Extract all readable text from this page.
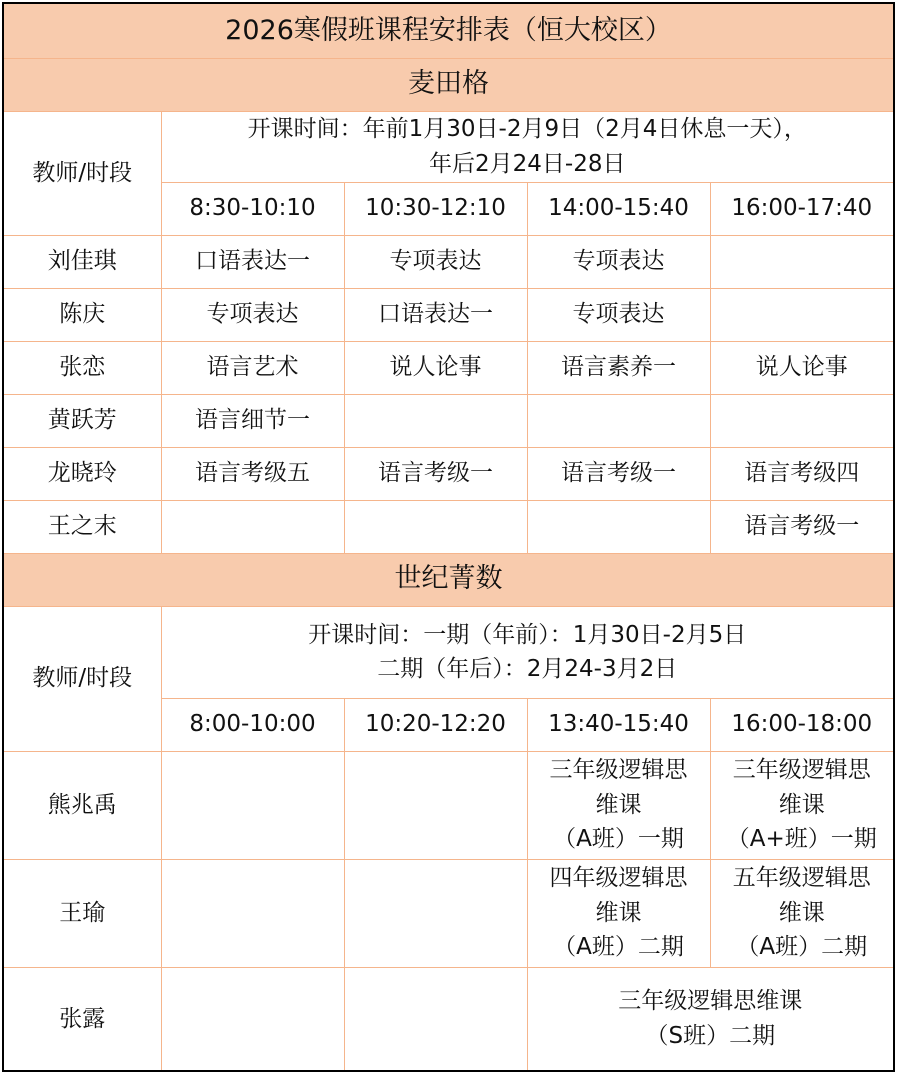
2026寒假班课程安排表（恒大校区）				
麦田格				
教师/时段	开课时间：年前1月30日-2月9日（2月4日休息一天），
年后2月24日-28日			

	8:30-10:10	10:30-12:10	14:00-15:40	16:00-17:40
刘佳琪	口语表达一	专项表达	专项表达	
陈庆	专项表达	口语表达一	专项表达	
张恋	语言艺术	说人论事	语言素养一	说人论事
黄跃芳	语言细节一			
龙晓玲	语言考级五	语言考级一	语言考级一	语言考级四
王之末				语言考级一
世纪菁数				
教师/时段	开课时间：一期（年前）：1月30日-2月5日
二期（年后）：2月24-3月2日			

	8:00-10:00	10:20-12:20	13:40-15:40	16:00-18:00
熊兆禹			三年级逻辑思
维课
（A班）一期	三年级逻辑思
维课
（A+班）一期

王瑜			四年级逻辑思
维课
（A班）二期	五年级逻辑思
维课
（A班）二期

张露			三年级逻辑思维课
（S班）二期	
